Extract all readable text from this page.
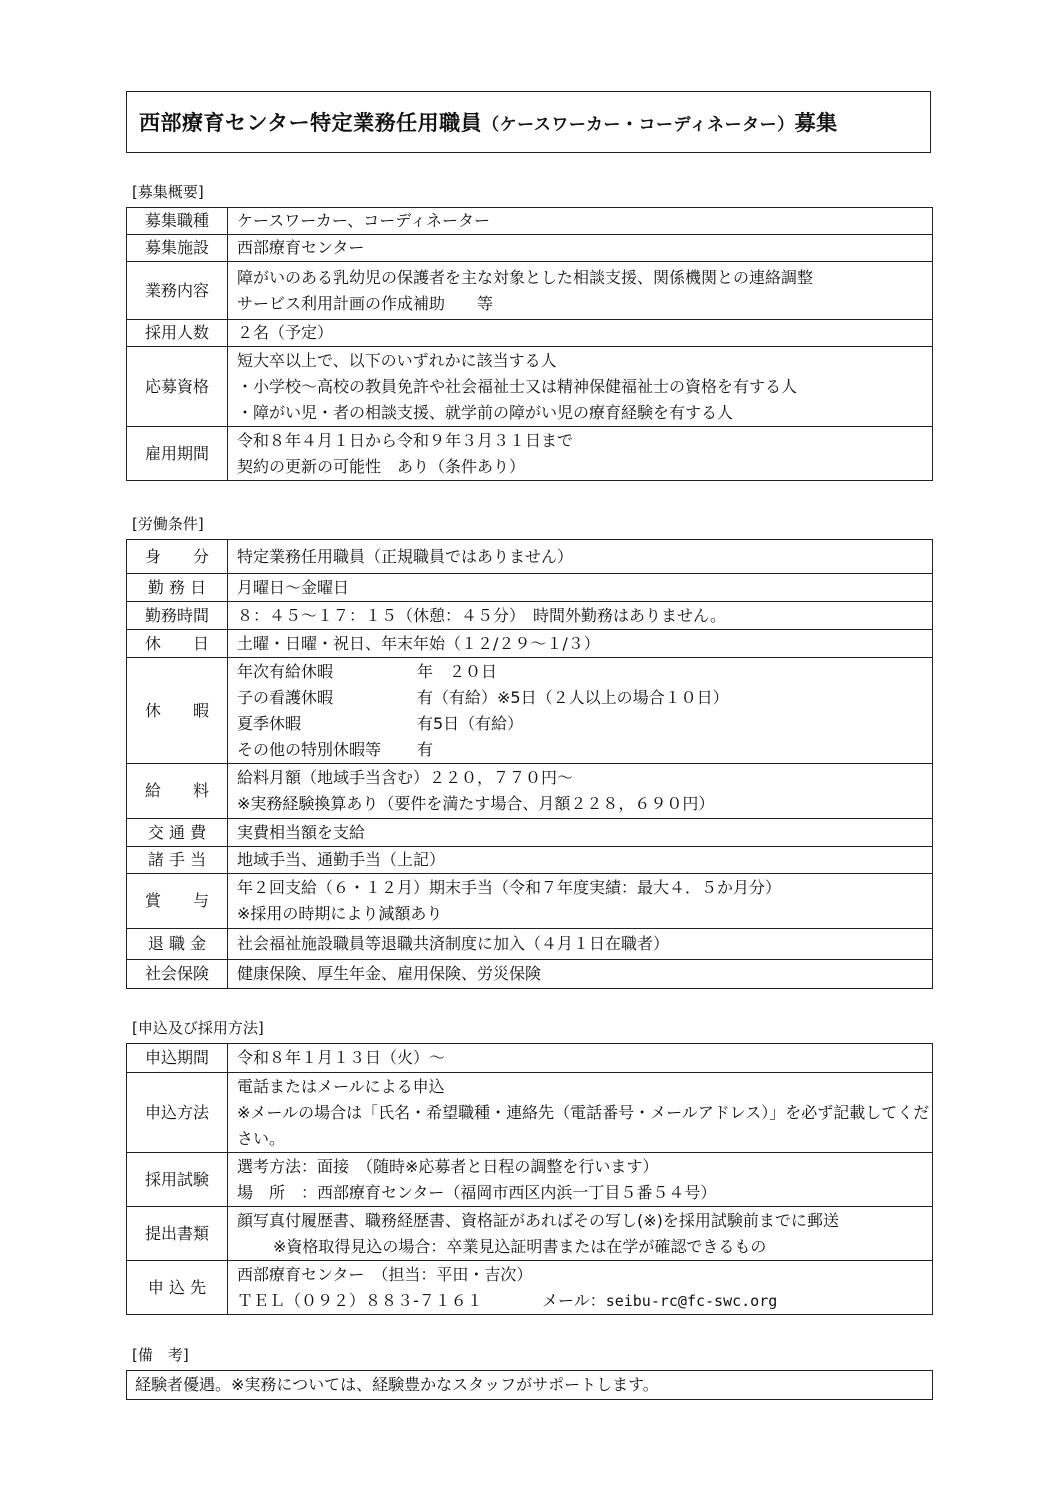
西部療育センター特定業務任用職員（ケースワーカー・コーディネーター）募集
[募集概要]
募集職種	ケースワーカー、コーディネーター

募集施設	西部療育センター

業務内容	障がいのある乳幼児の保護者を主な対象とした相談支援、関係機関との連絡調整
サービス利用計画の作成補助　　等

採用人数	２名（予定）

応募資格	短大卒以上で、以下のいずれかに該当する人
・小学校～高校の教員免許や社会福祉士又は精神保健福祉士の資格を有する人
・障がい児・者の相談支援、就学前の障がい児の療育経験を有する人

雇用期間	令和８年４月１日から令和９年３月３１日まで
契約の更新の可能性　あり（条件あり）
[労働条件]
身　　分	特定業務任用職員（正規職員ではありません）

勤 務 日	月曜日～金曜日

勤務時間	８：４５～１７：１５（休憩：４５分）　時間外勤務はありません。

休　　日	土曜・日曜・祝日、年末年始（１２/２９～１/３）

休　　暇	年次有給休暇 年　２０日
子の看護休暇 有（有給）※5日（２人以上の場合１０日）
夏季休暇 有5日（有給）
その他の特別休暇等 有

給　　料	給料月額（地域手当含む）２２０，７７０円～
※実務経験換算あり（要件を満たす場合、月額２２８，６９０円）

交 通 費	実費相当額を支給

諸 手 当	地域手当、通勤手当（上記）

賞　　与	年２回支給（６・１２月）期末手当（令和７年度実績：最大４．５か月分）
※採用の時期により減額あり

退 職 金	社会福祉施設職員等退職共済制度に加入（４月１日在職者）

社会保険	健康保険、厚生年金、雇用保険、労災保険
[申込及び採用方法]
申込期間	令和８年１月１３日（火）～

申込方法	電話またはメールによる申込
※メールの場合は「氏名・希望職種・連絡先（電話番号・メールアドレス）」を必ず記載してください。

採用試験	選考方法：面接　（随時※応募者と日程の調整を行います）
場　所　：西部療育センター（福岡市西区内浜一丁目５番５４号）

提出書類	顔写真付履歴書、職務経歴書、資格証があればその写し(※)を採用試験前までに郵送
※資格取得見込の場合：卒業見込証明書または在学が確認できるもの

申 込 先	西部療育センター　（担当：平田・吉次）
ＴＥＬ（０９２）８８３-７１６１ メール：seibu-rc@fc-swc.org
[備　考]
経験者優遇。※実務については、経験豊かなスタッフがサポートします。
